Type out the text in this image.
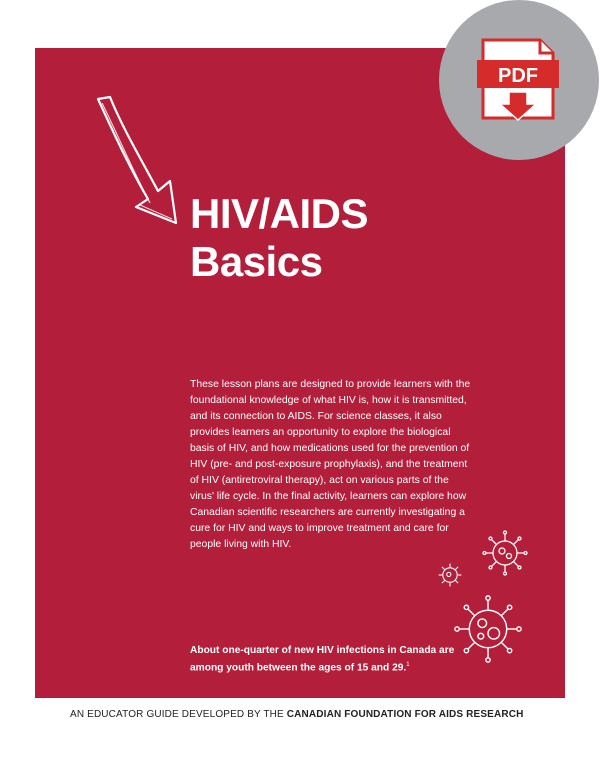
HIV/AIDS
Basics

These lesson plans are designed to provide learners with the foundational knowledge of what HIV is, how it is transmitted, and its connection to AIDS. For science classes, it also provides learners an opportunity to explore the biological basis of HIV, and how medications used for the prevention of HIV (pre- and post-exposure prophylaxis), and the treatment of HIV (antiretroviral therapy), act on various parts of the virus' life cycle. In the final activity, learners can explore how Canadian scientific researchers are currently investigating a cure for HIV and ways to improve treatment and care for people living with HIV.

About one-quarter of new HIV infections in Canada are among youth between the ages of 15 and 29.$^1$

AN EDUCATOR GUIDE DEVELOPED BY THE CANADIAN FOUNDATION FOR AIDS RESEARCH

PDF
